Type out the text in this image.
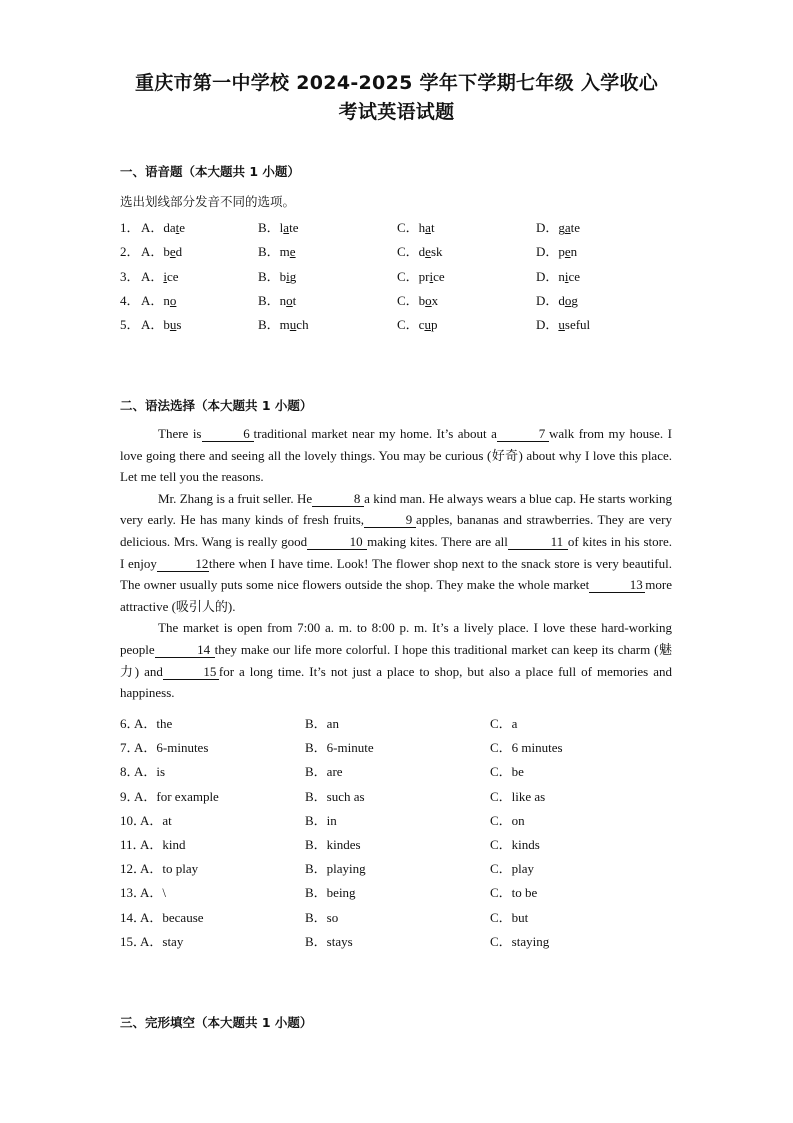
重庆市第一中学校 2024-2025 学年下学期七年级 入学收心
考试英语试题
一、语音题（本大题共 1 小题）
选出划线部分发音不同的选项。
1． A．date	B．late	C．hat	D．gate
2． A．bed	B．me	C．desk	D．pen
3． A．ice	B．big	C．price	D．nice
4． A．no	B．not	C．box	D．dog
5． A．bus	B．much	C．cup	D．useful
二、语法选择（本大题共 1 小题）

There is	6 traditional market near my home. It’s about a	7 walk from my house. I love going there and seeing all the lovely things. You may be curious (好奇) about why I love this place. Let me tell you the reasons.

Mr. Zhang is a fruit seller. He	8 a kind man. He always wears a blue cap. He starts working very early. He has many kinds of fresh fruits,	9 apples, bananas and strawberries. They are very delicious. Mrs. Wang is really good	10 making kites. There are all	11 of kites in his store. I enjoy	12there when I have time. Look! The flower shop next to the snack store is very beautiful. The owner usually puts some nice flowers outside the shop. They make the whole market	13 more attractive (吸引人的).

The market is open from 7:00 a. m. to 8:00 p. m. It’s a lively place. I love these hard-working people	14 they make our life more colorful. I hope this traditional market can keep its charm (魅力) and	15 for a long time. It’s not just a place to shop, but also a place full of memories and happiness.

6．
A．the	B．an	C．a
7．
A．6-minutes	B．6-minute	C．6 minutes
8．
A．is	B．are	C．be
9．
A．for example	B．such as	C．like as
10．
A．at	B．in	C．on
11．
A．kind	B．kindes	C．kinds
12．
A．to play	B．playing	C．play
13．
A．\	B．being	C．to be
14．
A．because	B．so	C．but
15．
A．stay	B．stays	C．staying
三、完形填空（本大题共 1 小题）
